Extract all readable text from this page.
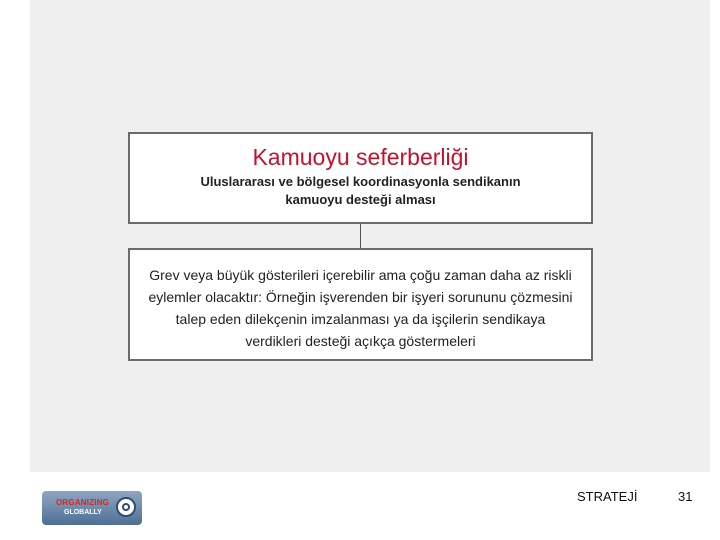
Kamuoyu seferberliği
Uluslararası ve bölgesel koordinasyonla sendikanın kamuoyu desteği alması
Grev veya büyük gösterileri içerebilir ama çoğu zaman daha az riskli eylemler olacaktır: Örneğin işverenden bir işyeri sorununu çözmesini talep eden dilekçenin imzalanması ya da işçilerin sendikaya verdikleri desteği açıkça göstermeleri
ORGANIZING
GLOBALLY
STRATEJİ	31
